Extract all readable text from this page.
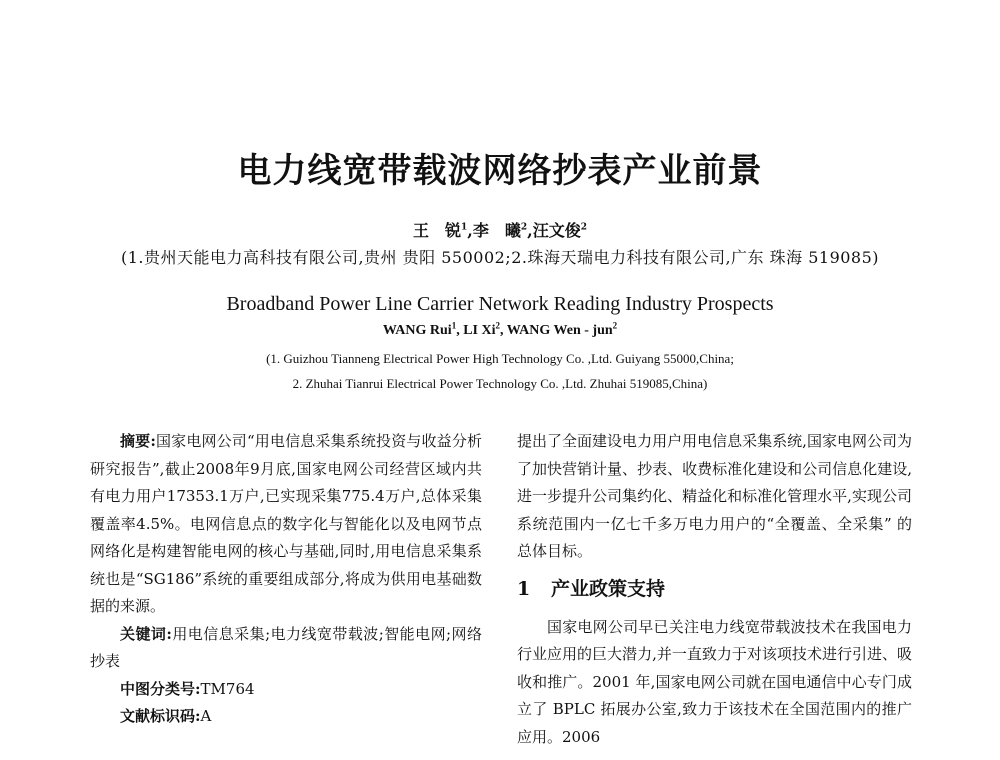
电力线宽带载波网络抄表产业前景
王　锐$^1$,李　曦$^2$,汪文俊$^2$
(1.贵州天能电力高科技有限公司,贵州 贵阳 550002;2.珠海天瑞电力科技有限公司,广东 珠海 519085)
Broadband Power Line Carrier Network Reading Industry Prospects
WANG Rui$^1$, LI Xi$^2$, WANG Wen - jun$^2$
(1. Guizhou Tianneng Electrical Power High Technology Co. ,Ltd. Guiyang 55000,China;
2. Zhuhai Tianrui Electrical Power Technology Co. ,Ltd. Zhuhai 519085,China)

摘要:国家电网公司“用电信息采集系统投资与收益分析研究报告”,截止2008年9月底,国家电网公司经营区域内共有电力用户17353.1万户,已实现采集775.4万户,总体采集覆盖率4.5%。电网信息点的数字化与智能化以及电网节点网络化是构建智能电网的核心与基础,同时,用电信息采集系统也是“SG186”系统的重要组成部分,将成为供用电基础数据的来源。

关键词:用电信息采集;电力线宽带载波;智能电网;网络抄表

中图分类号:TM764

文献标识码:A

提出了全面建设电力用户用电信息采集系统,国家电网公司为了加快营销计量、抄表、收费标准化建设和公司信息化建设,进一步提升公司集约化、精益化和标准化管理水平,实现公司系统范围内一亿七千多万电力用户的“全覆盖、全采集” 的总体目标。

1 产业政策支持

国家电网公司早已关注电力线宽带载波技术在我国电力行业应用的巨大潜力,并一直致力于对该项技术进行引进、吸收和推广。2001 年,国家电网公司就在国电通信中心专门成立了 BPLC 拓展办公室,致力于该技术在全国范围内的推广应用。2006
